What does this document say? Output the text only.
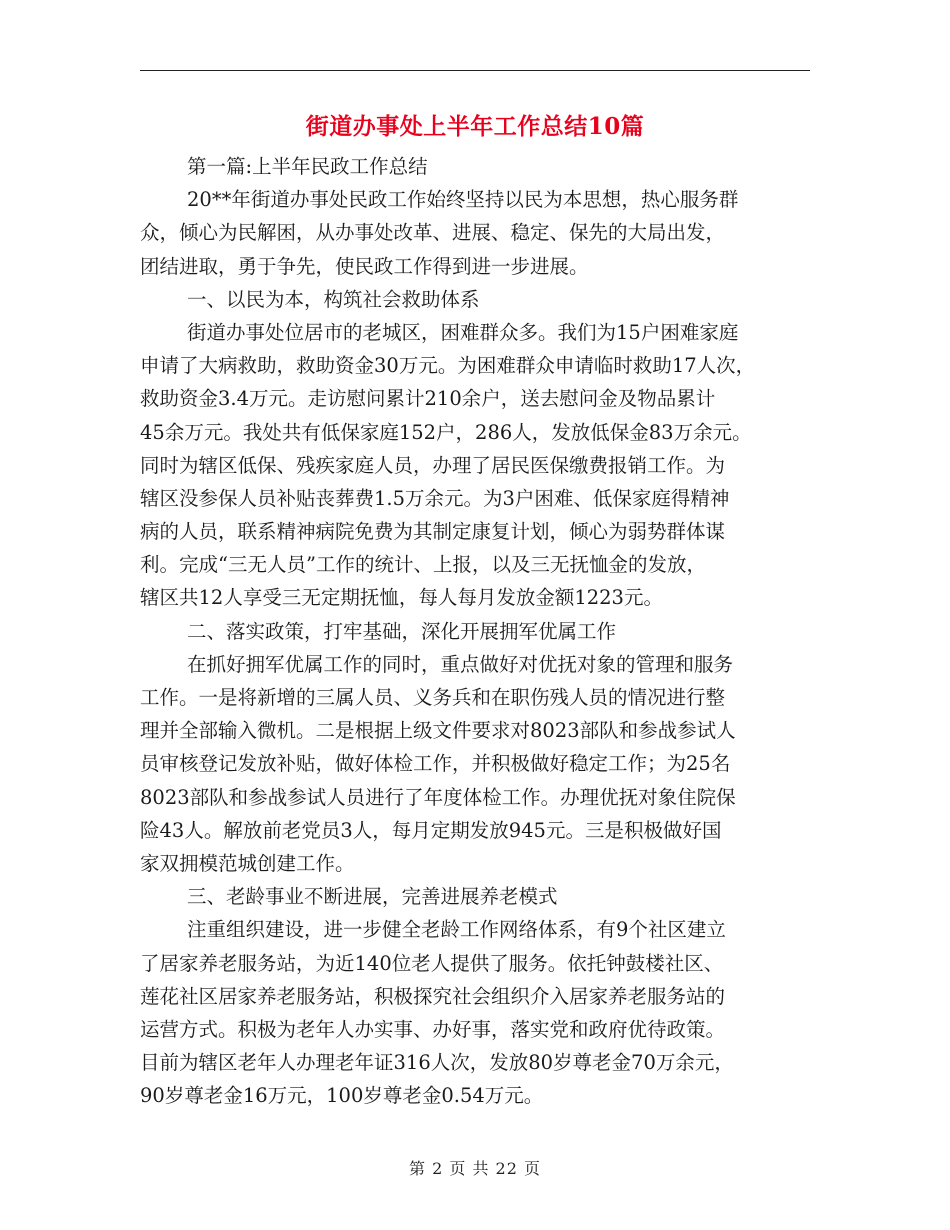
街道办事处上半年工作总结10篇
第一篇:上半年民政工作总结
20**年街道办事处民政工作始终坚持以民为本思想，热心服务群
众，倾心为民解困，从办事处改革、进展、稳定、保先的大局出发，
团结进取，勇于争先，使民政工作得到进一步进展。
一、以民为本，构筑社会救助体系
街道办事处位居市的老城区，困难群众多。我们为15户困难家庭
申请了大病救助，救助资金30万元。为困难群众申请临时救助17人次，
救助资金3.4万元。走访慰问累计210余户，送去慰问金及物品累计
45余万元。我处共有低保家庭152户，286人，发放低保金83万余元。
同时为辖区低保、残疾家庭人员，办理了居民医保缴费报销工作。为
辖区没参保人员补贴丧葬费1.5万余元。为3户困难、低保家庭得精神
病的人员，联系精神病院免费为其制定康复计划，倾心为弱势群体谋
利。完成“三无人员”工作的统计、上报，以及三无抚恤金的发放，
辖区共12人享受三无定期抚恤，每人每月发放金额1223元。
二、落实政策，打牢基础，深化开展拥军优属工作
在抓好拥军优属工作的同时，重点做好对优抚对象的管理和服务
工作。一是将新增的三属人员、义务兵和在职伤残人员的情况进行整
理并全部输入微机。二是根据上级文件要求对8023部队和参战参试人
员审核登记发放补贴，做好体检工作，并积极做好稳定工作；为25名
8023部队和参战参试人员进行了年度体检工作。办理优抚对象住院保
险43人。解放前老党员3人，每月定期发放945元。三是积极做好国
家双拥模范城创建工作。
三、老龄事业不断进展，完善进展养老模式
注重组织建设，进一步健全老龄工作网络体系，有9个社区建立
了居家养老服务站，为近140位老人提供了服务。依托钟鼓楼社区、
莲花社区居家养老服务站，积极探究社会组织介入居家养老服务站的
运营方式。积极为老年人办实事、办好事，落实党和政府优待政策。
目前为辖区老年人办理老年证316人次，发放80岁尊老金70万余元，
90岁尊老金16万元，100岁尊老金0.54万元。
第 2 页 共 22 页
